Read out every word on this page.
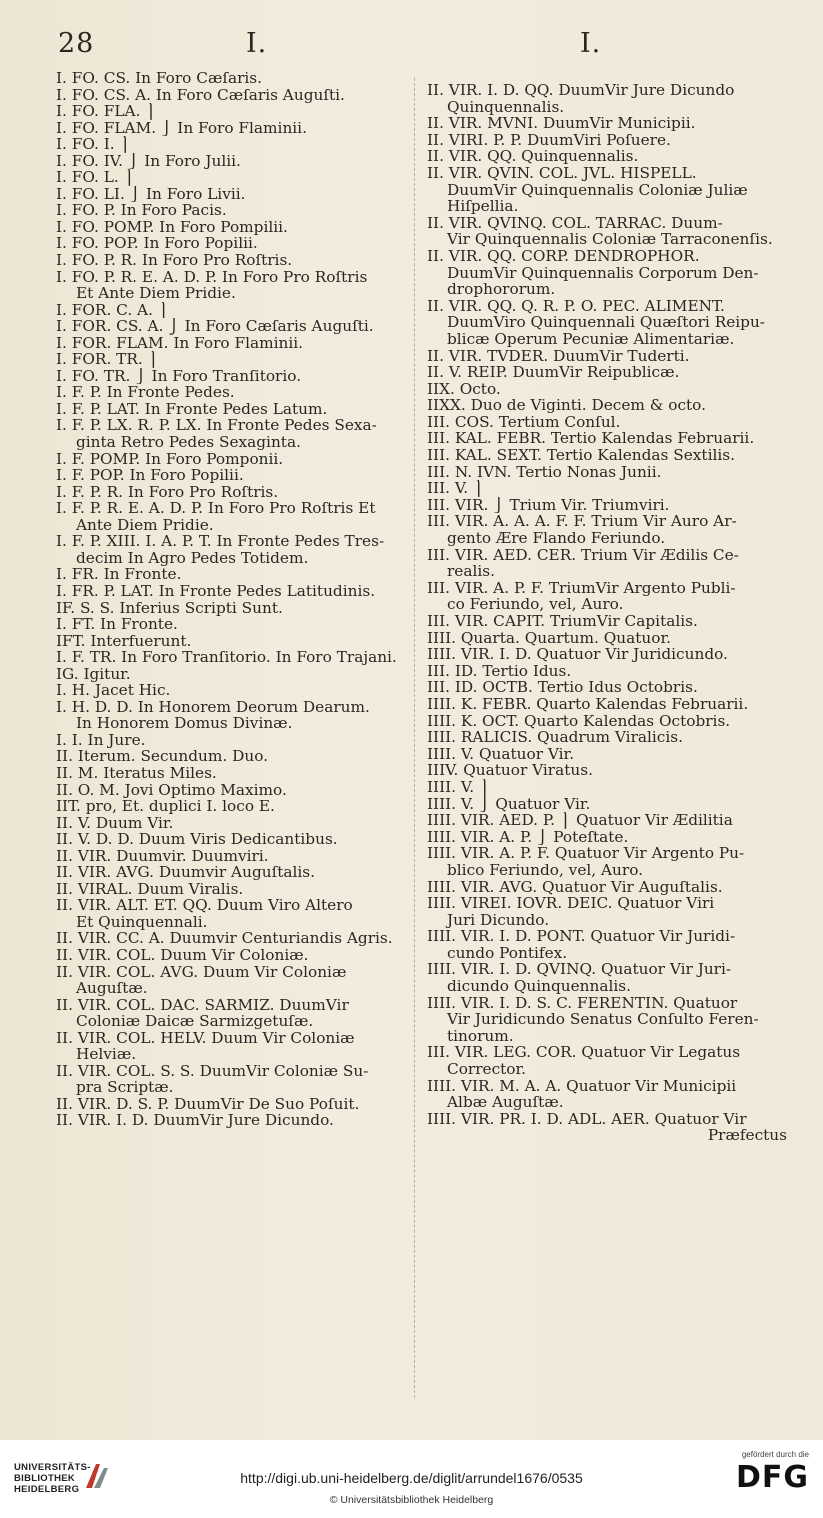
28	I.	I.
I. FO. CS. In Foro Cæſaris.
I. FO. CS. A. In Foro Cæſaris Auguſti.
I. FO. FLA. ⎫
I. FO. FLAM. ⎭ In Foro Flaminii.
I. FO. I. ⎫
I. FO. IV. ⎭ In Foro Julii.
I. FO. L. ⎫
I. FO. LI. ⎭ In Foro Livii.
I. FO. P. In Foro Pacis.
I. FO. POMP. In Foro Pompilii.
I. FO. POP. In Foro Popilii.
I. FO. P. R. In Foro Pro Roſtris.
I. FO. P. R. E. A. D. P. In Foro Pro Roſtris
Et Ante Diem Pridie.
I. FOR. C. A. ⎫
I. FOR. CS. A. ⎭ In Foro Cæſaris Auguſti.
I. FOR. FLAM. In Foro Flaminii.
I. FOR. TR. ⎫
I. FO. TR. ⎭ In Foro Tranſitorio.
I. F. P. In Fronte Pedes.
I. F. P. LAT. In Fronte Pedes Latum.
I. F. P. LX. R. P. LX. In Fronte Pedes Sexa-
ginta Retro Pedes Sexaginta.
I. F. POMP. In Foro Pomponii.
I. F. POP. In Foro Popilii.
I. F. P. R. In Foro Pro Roſtris.
I. F. P. R. E. A. D. P. In Foro Pro Roſtris Et
Ante Diem Pridie.
I. F. P. XIII. I. A. P. T. In Fronte Pedes Tres-
decim In Agro Pedes Totidem.
I. FR. In Fronte.
I. FR. P. LAT. In Fronte Pedes Latitudinis.
IF. S. S. Inferius Scripti Sunt.
I. FT. In Fronte.
IFT. Interfuerunt.
I. F. TR. In Foro Tranſitorio. In Foro Trajani.
IG. Igitur.
I. H. Jacet Hic.
I. H. D. D. In Honorem Deorum Dearum.
In Honorem Domus Divinæ.
I. I. In Jure.
II. Iterum. Secundum. Duo.
II. M. Iteratus Miles.
II. O. M. Jovi Optimo Maximo.
IIT. pro, Et. duplici I. loco E.
II. V. Duum Vir.
II. V. D. D. Duum Viris Dedicantibus.
II. VIR. Duumvir. Duumviri.
II. VIR. AVG. Duumvir Auguſtalis.
II. VIRAL. Duum Viralis.
II. VIR. ALT. ET. QQ. Duum Viro Altero
Et Quinquennali.
II. VIR. CC. A. Duumvir Centuriandis Agris.
II. VIR. COL. Duum Vir Coloniæ.
II. VIR. COL. AVG. Duum Vir Coloniæ
Auguſtæ.
II. VIR. COL. DAC. SARMIZ. DuumVir
Coloniæ Daicæ Sarmizgetuſæ.
II. VIR. COL. HELV. Duum Vir Coloniæ
Helviæ.
II. VIR. COL. S. S. DuumVir Coloniæ Su-
pra Scriptæ.
II. VIR. D. S. P. DuumVir De Suo Poſuit.
II. VIR. I. D. DuumVir Jure Dicundo.
II. VIR. I. D. QQ. DuumVir Jure Dicundo
Quinquennalis.
II. VIR. MVNI. DuumVir Municipii.
II. VIRI. P. P. DuumViri Poſuere.
II. VIR. QQ. Quinquennalis.
II. VIR. QVIN. COL. JVL. HISPELL.
DuumVir Quinquennalis Coloniæ Juliæ
Hiſpellia.
II. VIR. QVINQ. COL. TARRAC. Duum-
Vir Quinquennalis Coloniæ Tarraconenſis.
II. VIR. QQ. CORP. DENDROPHOR.
DuumVir Quinquennalis Corporum Den-
drophororum.
II. VIR. QQ. Q. R. P. O. PEC. ALIMENT.
DuumViro Quinquennali Quæſtori Reipu-
blicæ Operum Pecuniæ Alimentariæ.
II. VIR. TVDER. DuumVir Tuderti.
II. V. REIP. DuumVir Reipublicæ.
IIX. Octo.
IIXX. Duo de Viginti. Decem & octo.
III. COS. Tertium Conſul.
III. KAL. FEBR. Tertio Kalendas Februarii.
III. KAL. SEXT. Tertio Kalendas Sextilis.
III. N. IVN. Tertio Nonas Junii.
III. V. ⎫
III. VIR. ⎭ Trium Vir. Triumviri.
III. VIR. A. A. A. F. F. Trium Vir Auro Ar-
gento Ære Flando Feriundo.
III. VIR. AED. CER. Trium Vir Ædilis Ce-
realis.
III. VIR. A. P. F. TriumVir Argento Publi-
co Feriundo, vel, Auro.
III. VIR. CAPIT. TriumVir Capitalis.
IIII. Quarta. Quartum. Quatuor.
IIII. VIR. I. D. Quatuor Vir Juridicundo.
III. ID. Tertio Idus.
III. ID. OCTB. Tertio Idus Octobris.
IIII. K. FEBR. Quarto Kalendas Februarii.
IIII. K. OCT. Quarto Kalendas Octobris.
IIII. RALICIS. Quadrum Viralicis.
IIII. V. Quatuor Vir.
IIIV. Quatuor Viratus.
IIII. V. ⎫
IIII. V. ⎭ Quatuor Vir.
IIII. VIR. AED. P. ⎫ Quatuor Vir Ædilitia
IIII. VIR. A. P. ⎭ Poteſtate.
IIII. VIR. A. P. F. Quatuor Vir Argento Pu-
blico Feriundo, vel, Auro.
IIII. VIR. AVG. Quatuor Vir Auguſtalis.
IIII. VIREI. IOVR. DEIC. Quatuor Viri
Juri Dicundo.
IIII. VIR. I. D. PONT. Quatuor Vir Juridi-
cundo Pontifex.
IIII. VIR. I. D. QVINQ. Quatuor Vir Juri-
dicundo Quinquennalis.
IIII. VIR. I. D. S. C. FERENTIN. Quatuor
Vir Juridicundo Senatus Conſulto Feren-
tinorum.
III. VIR. LEG. COR. Quatuor Vir Legatus
Corrector.
IIII. VIR. M. A. A. Quatuor Vir Municipii
Albæ Auguſtæ.
IIII. VIR. PR. I. D. ADL. AER. Quatuor Vir
Præfectus
UNIVERSITÄTS-
BIBLIOTHEK
HEIDELBERG
http://digi.ub.uni-heidelberg.de/diglit/arrundel1676/0535
© Universitätsbibliothek Heidelberg
gefördert durch die
DFG
